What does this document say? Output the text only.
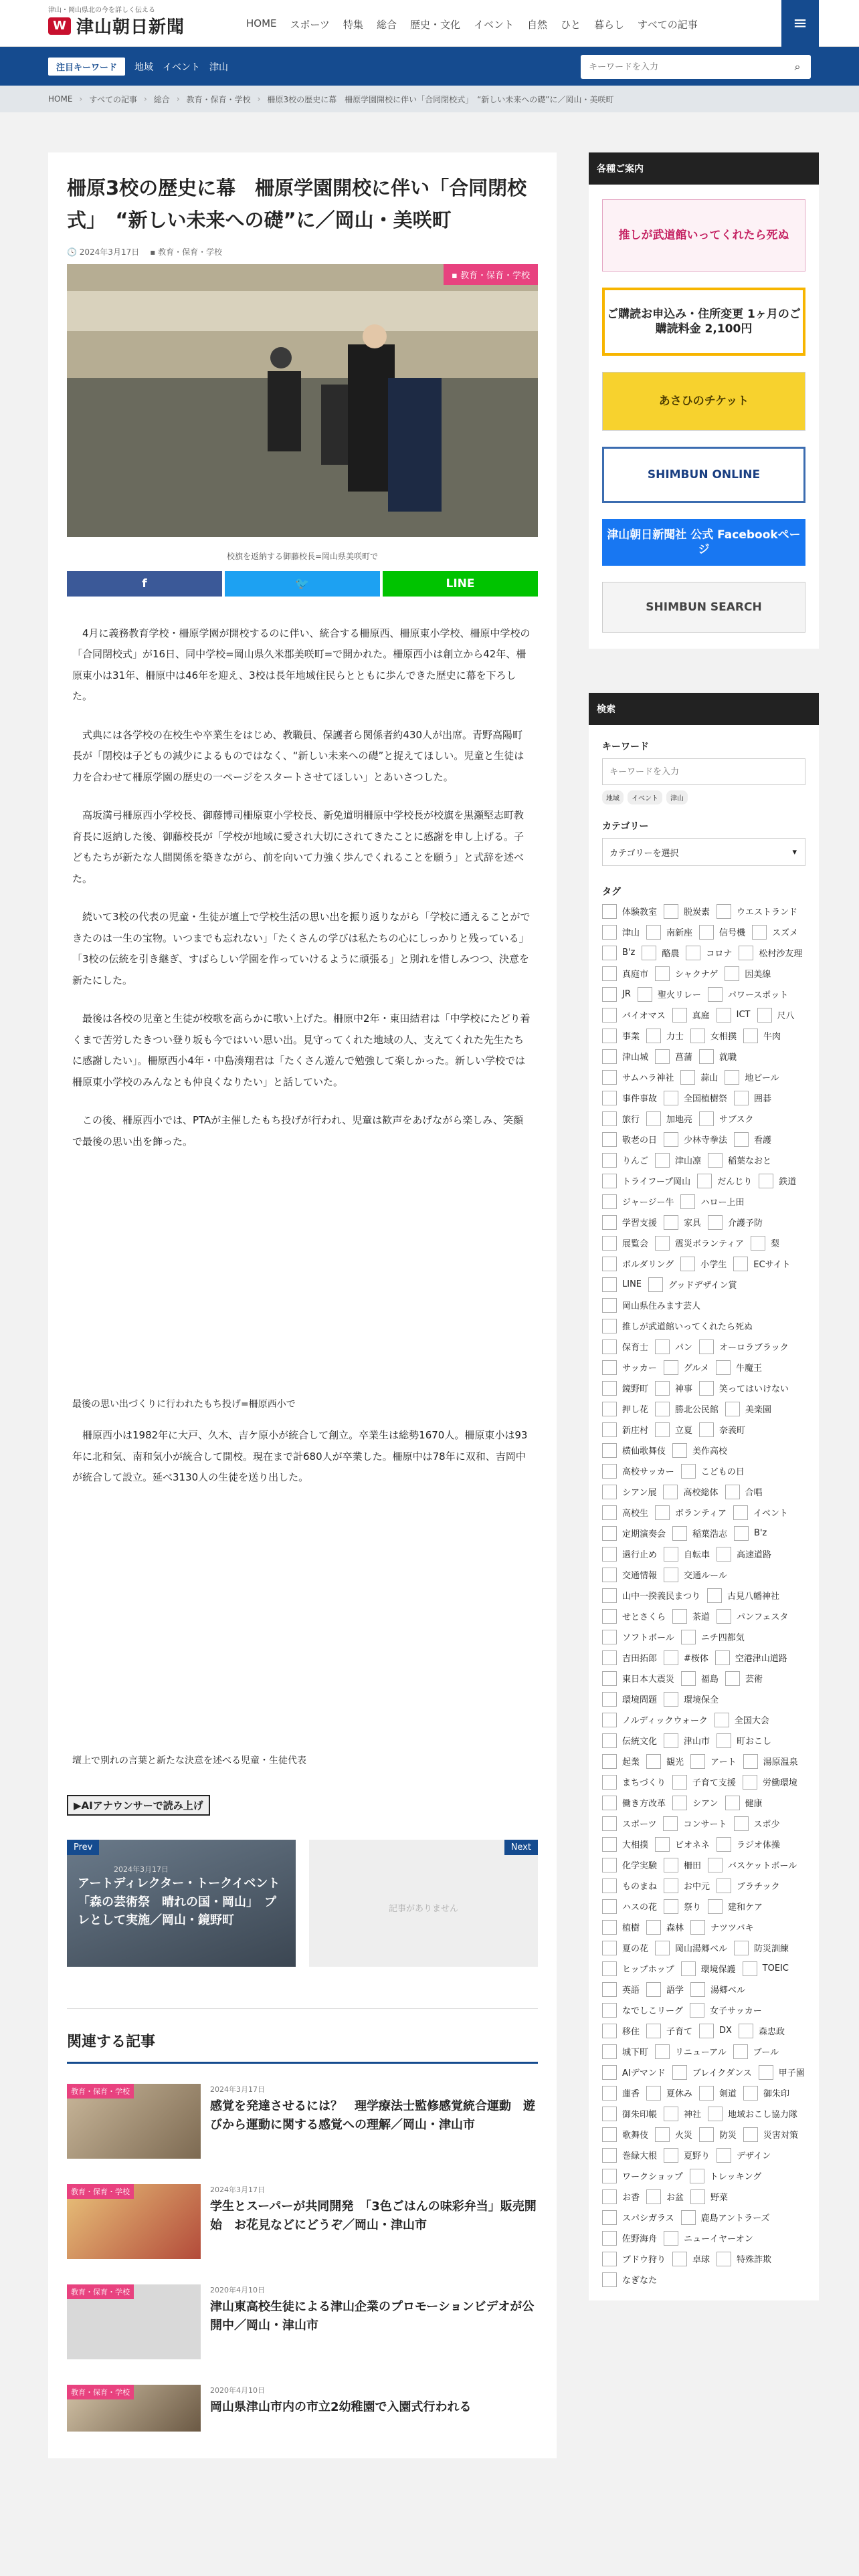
津山・岡山県北の今を詳しく伝える
W 津山朝日新聞	HOME スポーツ 特集 総合 歴史・文化 イベント 自然 ひと 暮らし すべての記事	≡
注目キーワード	地域 イベント 津山
キーワードを入力	⌕
HOME › すべての記事 › 総合 › 教育・保育・学校 › 柵原3校の歴史に幕　柵原学園開校に伴い「合同閉校式」　“新しい未来への礎”に／岡山・美咲町
柵原3校の歴史に幕　柵原学園開校に伴い「合同閉校式」　“新しい未来への礎”に／岡山・美咲町
🕓 2024年3月17日 ▪ 教育・保育・学校
▪ 教育・保育・学校
校旗を返納する御藤校長=岡山県美咲町で
f	🐦	LINE

4月に義務教育学校・柵原学園が開校するのに伴い、統合する柵原西、柵原東小学校、柵原中学校の「合同閉校式」が16日、同中学校=岡山県久米郡美咲町=で開かれた。柵原西小は創立から42年、柵原東小は31年、柵原中は46年を迎え、3校は長年地域住民らとともに歩んできた歴史に幕を下ろした。

式典には各学校の在校生や卒業生をはじめ、教職員、保護者ら関係者約430人が出席。青野高陽町長が「閉校は子どもの減少によるものではなく、“新しい未来への礎”と捉えてほしい。児童と生徒は力を合わせて柵原学園の歴史の一ページをスタートさせてほしい」とあいさつした。

高坂満弓柵原西小学校長、御藤博司柵原東小学校長、新免道明柵原中学校長が校旗を黒瀬堅志町教育長に返納した後、御藤校長が「学校が地域に愛され大切にされてきたことに感謝を申し上げる。子どもたちが新たな人間関係を築きながら、前を向いて力強く歩んでくれることを願う」と式辞を述べた。

続いて3校の代表の児童・生徒が壇上で学校生活の思い出を振り返りながら「学校に通えることができたのは一生の宝物。いつまでも忘れない」「たくさんの学びは私たちの心にしっかりと残っている」「3校の伝統を引き継ぎ、すばらしい学園を作っていけるように頑張る」と別れを惜しみつつ、決意を新たにした。

最後は各校の児童と生徒が校歌を高らかに歌い上げた。柵原中2年・東田結君は「中学校にたどり着くまで苦労したきつい登り坂も今ではいい思い出。見守ってくれた地域の人、支えてくれた先生たちに感謝したい」。柵原西小4年・中島湊翔君は「たくさん遊んで勉強して楽しかった。新しい学校では柵原東小学校のみんなとも仲良くなりたい」と話していた。

この後、柵原西小では、PTAが主催したもち投げが行われ、児童は歓声をあげながら楽しみ、笑顔で最後の思い出を飾った。

最後の思い出づくりに行われたもち投げ=柵原西小で

柵原西小は1982年に大戸、久木、吉ケ原小が統合して創立。卒業生は総勢1670人。柵原東小は93年に北和気、南和気小が統合して開校。現在まで計680人が卒業した。柵原中は78年に双和、吉岡中が統合して設立。延べ3130人の生徒を送り出した。

壇上で別れの言葉と新たな決意を述べる児童・生徒代表
▶AIアナウンサーで読み上げ
Prev
2024年3月17日
アートディレクター・トークイベント「森の芸術祭　晴れの国・岡山」　プレとして実施／岡山・鏡野町
Next
記事がありません
関連する記事
教育・保育・学校	2024年3月17日
感覚を発達させるには？　理学療法士監修感覚統合運動　遊びから運動に関する感覚への理解／岡山・津山市
教育・保育・学校	2024年3月17日
学生とスーパーが共同開発　「3色ごはんの味彩弁当」販売開始　お花見などにどうぞ／岡山・津山市
教育・保育・学校	2020年4月10日
津山東高校生徒による津山企業のプロモーションビデオが公開中／岡山・津山市
教育・保育・学校	2020年4月10日
岡山県津山市内の市立2幼稚園で入園式行われる
各種ご案内
推しが武道館いってくれたら死ぬ
ご購読お申込み・住所変更 1ヶ月のご購読料金 2,100円
あさひのチケット
SHIMBUN ONLINE
津山朝日新聞社 公式 Facebookページ
SHIMBUN SEARCH
検索
キーワード
キーワードを入力
地域	イベント	津山
カテゴリー
カテゴリーを選択	▾
タグ
体験教室	脱炭素	ウエストランド
津山	南新座	信号機	スズメ
B'z	酪農	コロナ	松村沙友理
真庭市	シャクナゲ	因美線
JR	聖火リレー	パワースポット
バイオマス	真庭	ICT	尺八
事業	力士	女相撲	牛肉
津山城	菖蒲	就職
サムハラ神社	蒜山	地ビール
事件事故	全国植樹祭	囲碁
旅行	加地亮	サブスク
敬老の日	少林寺拳法	看護
りんご	津山凛	稲葉なおと
トライフープ岡山	だんじり	鉄道
ジャージー牛	ハロー上田
学習支援	家具	介護予防
展覧会	震災ボランティア	梨
ボルダリング	小学生	ECサイト
LINE	グッドデザイン賞
岡山県住みます芸人
推しが武道館いってくれたら死ぬ
保育士	パン	オーロラブラック
サッカー	グルメ	牛魔王
鏡野町	神事	笑ってはいけない
押し花	勝北公民館	美楽園
新庄村	立夏	奈義町
横仙歌舞伎	美作高校
高校サッカー	こどもの日
シアン展	高校総体	合唱
高校生	ボランティア	イベント
定期演奏会	稲葉浩志	B'z
過行止め	自転車	高速道路
交通情報	交通ルール
山中一揆義民まつり	古見八幡神社
せとさくら	茶道	パンフェスタ
ソフトボール	ニチ四都気
吉田拓郎	#桜体	空港津山道路
東日本大震災	福島	芸術
環境問題	環境保全
ノルディックウォーク	全国大会
伝統文化	津山市	町おこし
起業	観光	アート	湯原温泉
まちづくり	子育て支援	労働環境
働き方改革	シアン	健康
スポーツ	コンサート	スポ少
大相撲	ビオネネ	ラジオ体操
化学実験	柵田	バスケットボール
ものまね	お中元	ブラチック
ハスの花	祭り	建和ケア
植樹	森林	ナツツバキ
夏の花	岡山湯郷ベル	防災訓練
ヒップホップ	環境保護	TOEIC
英語	語学	湯郷ベル
なでしこリーグ	女子サッカー
移住	子育て	DX	森忠政
城下町	リニューアル	ブール
AIデマンド	ブレイクダンス	甲子園
蓮香	夏休み	剣道	御朱印
御朱印帳	神社	地域おこし協力隊
歌舞伎	火災	防災	災害対策
巻緑大根	夏野り	デザイン
ワークショップ	トレッキング
お香	お盆	野菜
スパシガラス	鹿島アントラーズ
佐野海舟	ニューイヤーオン
ブドウ狩り	卓球	特殊詐欺
なぎなた
